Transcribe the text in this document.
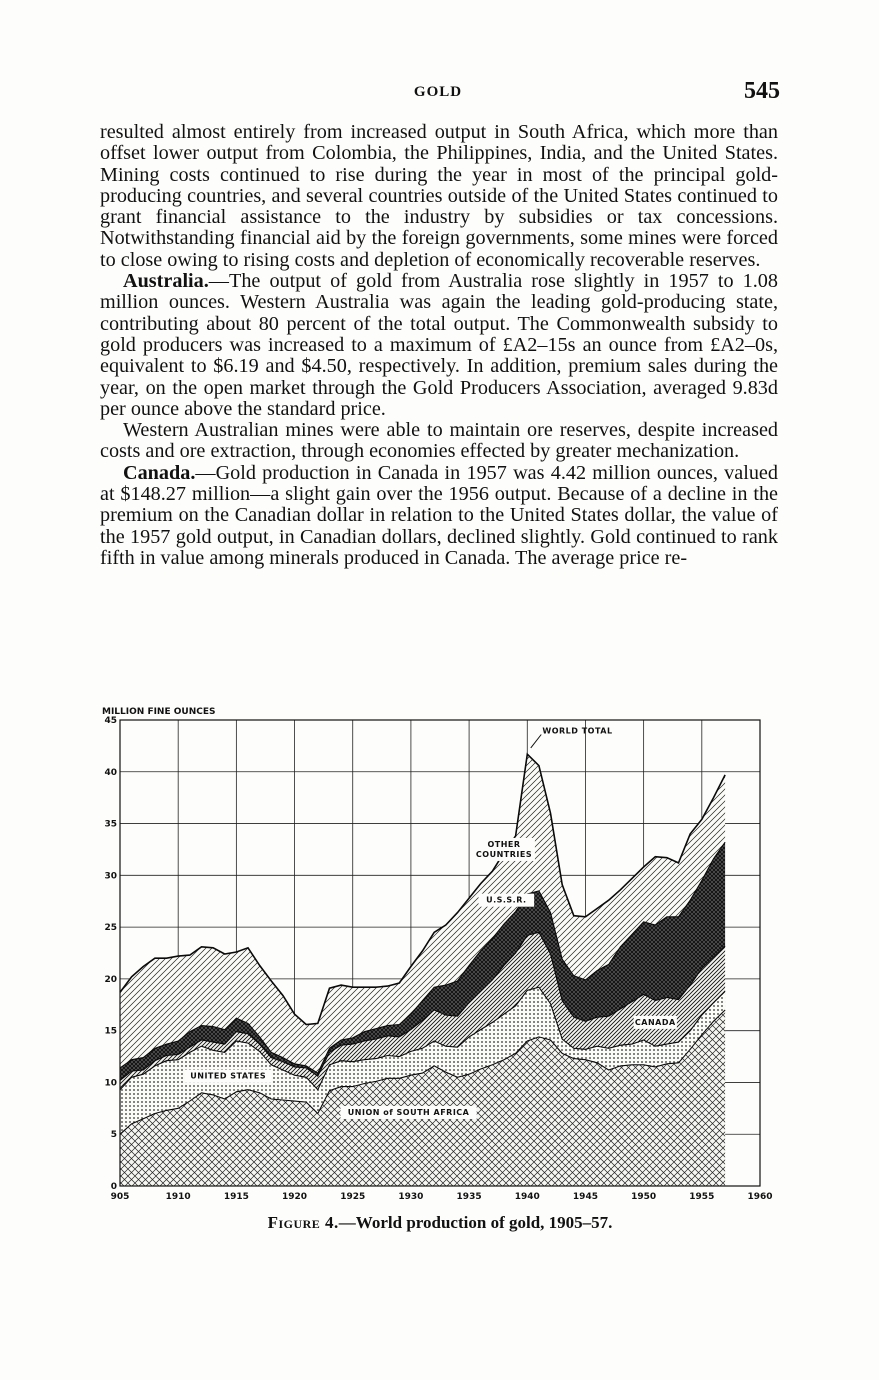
GOLD	545

resulted almost entirely from increased output in South Africa, which more than offset lower output from Colombia, the Philippines, India, and the United States. Mining costs continued to rise during the year in most of the principal gold-producing countries, and several countries outside of the United States continued to grant financial assistance to the industry by subsidies or tax concessions. Notwithstanding financial aid by the foreign governments, some mines were forced to close owing to rising costs and depletion of economically recoverable reserves.

Australia.—The output of gold from Australia rose slightly in 1957 to 1.08 million ounces. Western Australia was again the leading gold-producing state, contributing about 80 percent of the total output. The Commonwealth subsidy to gold producers was increased to a maximum of £A2–15s an ounce from £A2–0s, equivalent to $6.19 and $4.50, respectively. In addition, premium sales during the year, on the open market through the Gold Producers Association, averaged 9.83d per ounce above the standard price.

Western Australian mines were able to maintain ore reserves, despite increased costs and ore extraction, through economies effected by greater mechanization.

Canada.—Gold production in Canada in 1957 was 4.42 million ounces, valued at $148.27 million—a slight gain over the 1956 output. Because of a decline in the premium on the Canadian dollar in relation to the United States dollar, the value of the 1957 gold output, in Canadian dollars, declined slightly. Gold continued to rank fifth in value among minerals produced in Canada. The average price re-

MILLION FINE OUNCES
905	1910	1915	1920	1925	1930	1935	1940	1945	1950	1955	1960
0
5
10
15
20
25
30
35
40
45
WORLD TOTAL
OTHER
COUNTRIES
U.S.S.R.
CANADA
UNITED STATES
UNION of SOUTH AFRICA
Figure 4.—World production of gold, 1905–57.
